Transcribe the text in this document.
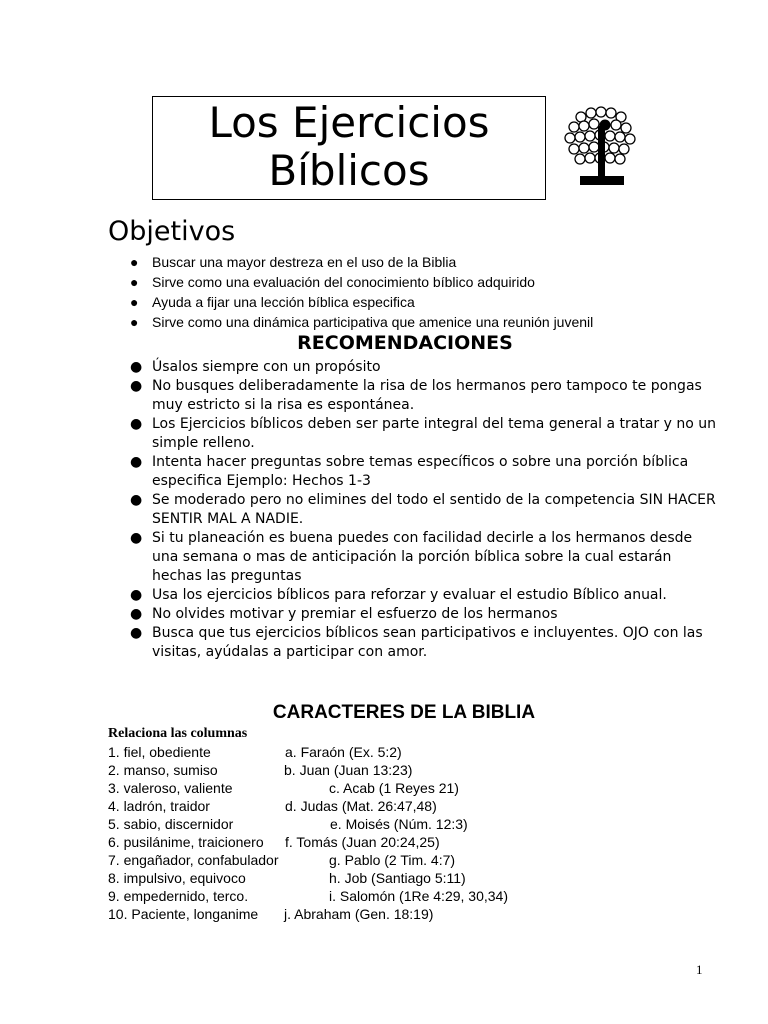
Los Ejercicios
Bíblicos
Objetivos
● Buscar una mayor destreza en el uso de la Biblia
● Sirve como una evaluación del conocimiento bíblico adquirido
● Ayuda a fijar una lección bíblica especifica
● Sirve como una dinámica participativa que amenice una reunión juvenil
RECOMENDACIONES
● Úsalos siempre con un propósito
● No busques deliberadamente la risa de los hermanos pero tampoco te pongas muy estricto si la risa es espontánea.
● Los Ejercicios bíblicos deben ser parte integral del tema general a tratar y no un simple relleno.
● Intenta hacer preguntas sobre temas específicos o sobre una porción bíblica especifica Ejemplo: Hechos 1-3
● Se moderado pero no elimines del todo el sentido de la competencia SIN HACER SENTIR MAL A NADIE.
● Si tu planeación es buena puedes con facilidad decirle a los hermanos desde una semana o mas de anticipación la porción bíblica sobre la cual estarán hechas las preguntas
● Usa los ejercicios bíblicos para reforzar y evaluar el estudio Bíblico anual.
● No olvides motivar y premiar el esfuerzo de los hermanos
● Busca que tus ejercicios bíblicos sean participativos e incluyentes. OJO con las visitas, ayúdalas a participar con amor.
CARACTERES DE LA BIBLIA
Relaciona las columnas
1. fiel, obediente	a. Faraón (Ex. 5:2)
2. manso, sumiso	b. Juan (Juan 13:23)
3. valeroso, valiente	c. Acab (1 Reyes 21)
4. ladrón, traidor	d. Judas (Mat. 26:47,48)
5. sabio, discernidor	e. Moisés (Núm. 12:3)
6. pusilánime, traicionero f. Tomás (Juan 20:24,25)
7. engañador, confabulador	g. Pablo (2 Tim. 4:7)
8. impulsivo, equivoco	h. Job (Santiago 5:11)
9. empedernido, terco.	i. Salomón (1Re 4:29, 30,34)
10. Paciente, longanime j. Abraham (Gen. 18:19)
1
